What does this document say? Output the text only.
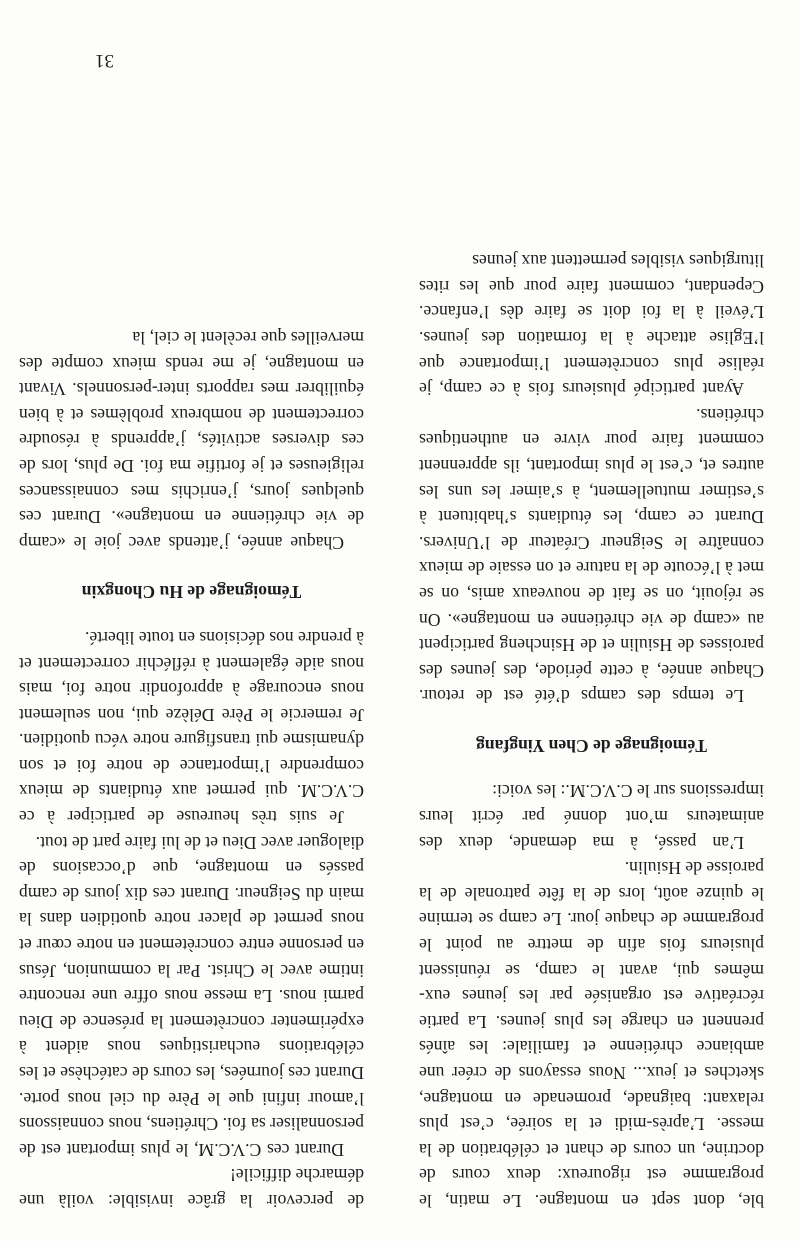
ble, dont sept en montagne. Le matin, le programme est rigoureux: deux cours de doctrine, un cours de chant et célébration de la messe. L’après-midi et la soirée, c’est plus relaxant: baignade, promenade en montagne, sketches et jeux... Nous essayons de créer une ambiance chrétienne et familiale: les aînés prennent en charge les plus jeunes. La partie récréative est organisée par les jeunes eux-mêmes qui, avant le camp, se réunissent plusieurs fois afin de mettre au point le programme de chaque jour. Le camp se termine le quinze août, lors de la fête patronale de la paroisse de Hsiulin.

L’an passé, à ma demande, deux des animateurs m’ont donné par écrit leurs impressions sur le C.V.C.M.: les voici:

Témoignage de Chen Yingfang

Le temps des camps d’été est de retour. Chaque année, à cette période, des jeunes des paroisses de Hsiulin et de Hsincheng participent au «camp de vie chrétienne en montagne». On se réjouit, on se fait de nouveaux amis, on se met à l’écoute de la nature et on essaie de mieux connaître le Seigneur Créateur de l’Univers. Durant ce camp, les étudiants s’habituent à s’estimer mutuellement, à s’aimer les uns les autres et, c’est le plus important, ils apprennent comment faire pour vivre en authentiques chrétiens.

Ayant participé plusieurs fois à ce camp, je réalise plus concrètement l’importance que l’Eglise attache à la formation des jeunes. L’éveil à la foi doit se faire dès l’enfance. Cependant, comment faire pour que les rites liturgiques visibles permettent aux jeunes

de percevoir la grâce invisible: voilà une démarche difficile!

Durant ces C.V.C.M, le plus important est de personnaliser sa foi. Chrétiens, nous connaissons l’amour infini que le Père du ciel nous porte. Durant ces journées, les cours de catéchèse et les célébrations eucharistiques nous aident à expérimenter concrètement la présence de Dieu parmi nous. La messe nous offre une rencontre intime avec le Christ. Par la communion, Jésus en personne entre concrètement en notre cœur et nous permet de placer notre quotidien dans la main du Seigneur. Durant ces dix jours de camp passés en montagne, que d’occasions de dialoguer avec Dieu et de lui faire part de tout.

Je suis très heureuse de participer à ce C.V.C.M. qui permet aux étudiants de mieux comprendre l’importance de notre foi et son dynamisme qui transfigure notre vécu quotidien. Je remercie le Père Délèze qui, non seulement nous encourage à approfondir notre foi, mais nous aide également à réfléchir correctement et à prendre nos décisions en toute liberté.

Témoignage de Hu Chongxin

Chaque année, j’attends avec joie le «camp de vie chrétienne en montagne». Durant ces quelques jours, j’enrichis mes connaissances religieuses et je fortifie ma foi. De plus, lors de ces diverses activités, j’apprends à résoudre correctement de nombreux problèmes et à bien équilibrer mes rapports inter-personnels. Vivant en montagne, je me rends mieux compte des merveilles que recèlent le ciel, la

31
